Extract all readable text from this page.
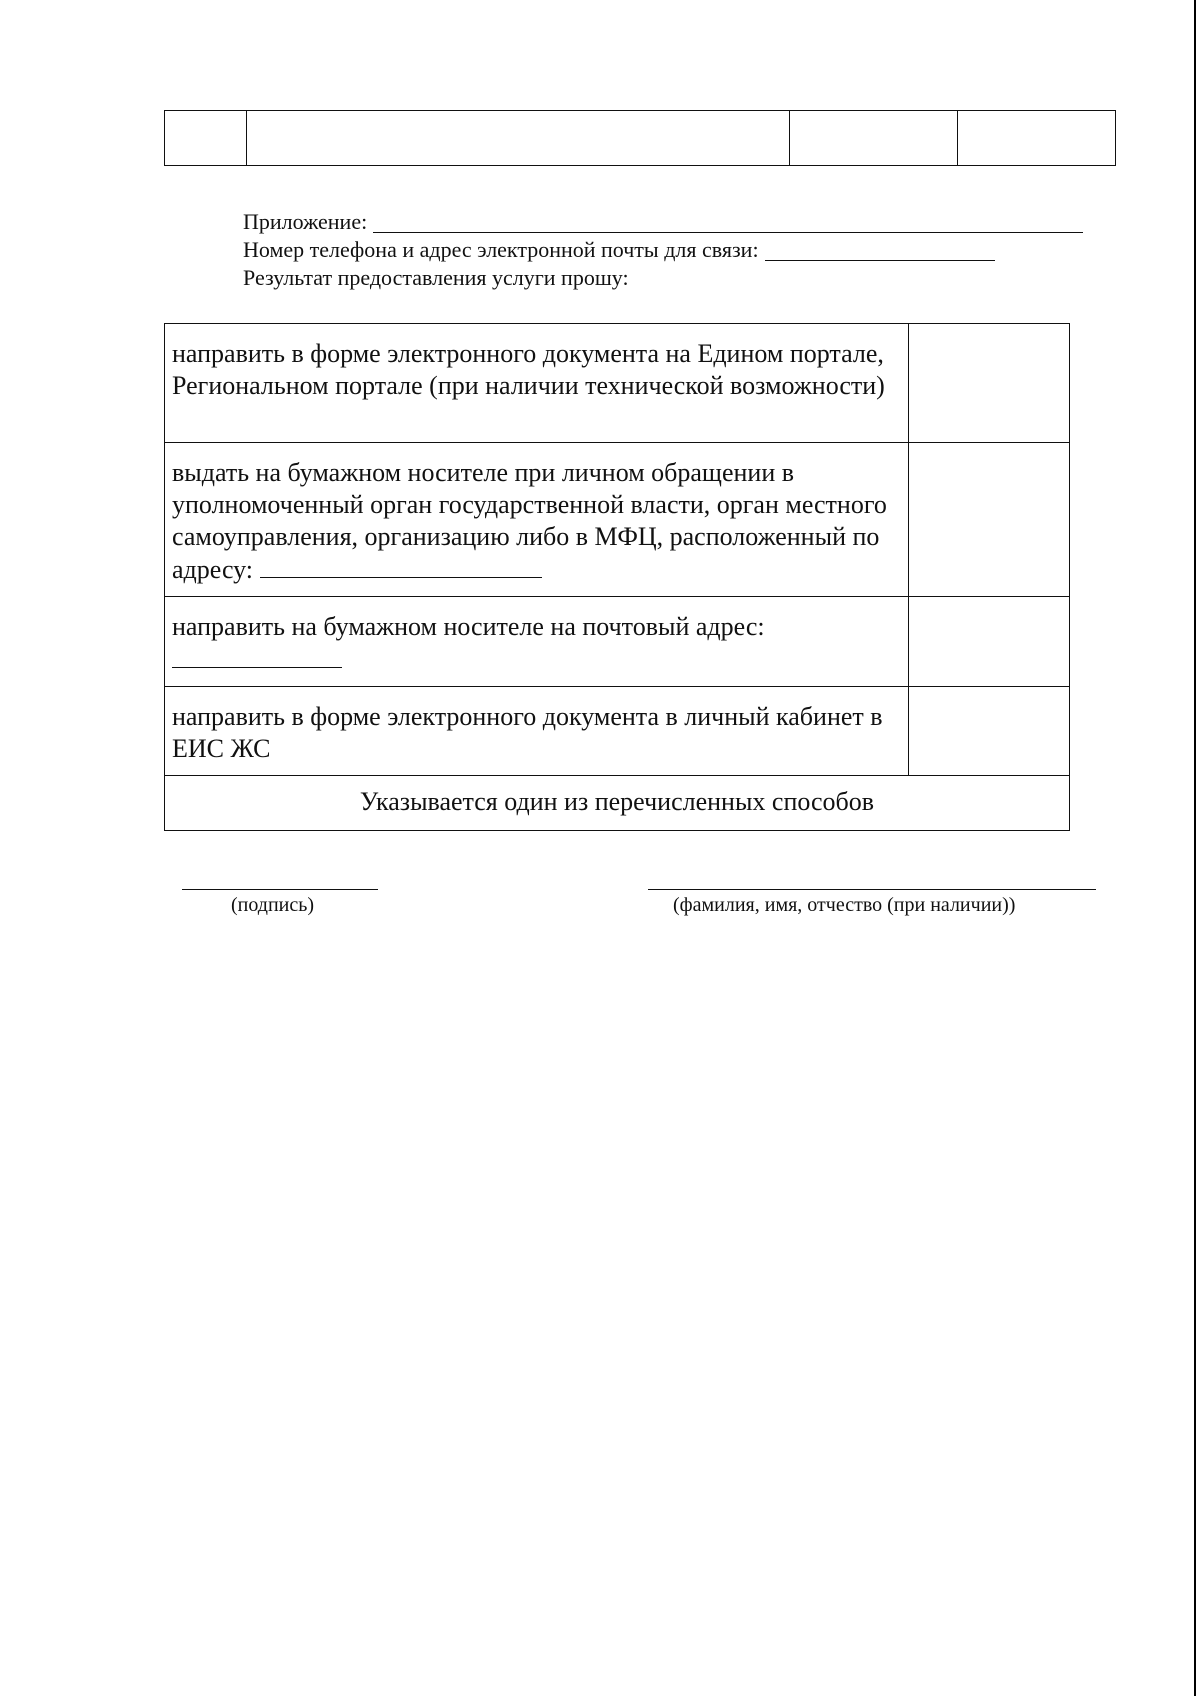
Приложение:
Номер телефона и адрес электронной почты для связи:
Результат предоставления услуги прошу:
направить в форме электронного документа на Едином портале, Региональном портале (при наличии технической возможности)	
выдать на бумажном носителе при личном обращении в уполномоченный орган государственной власти, орган местного самоуправления, организацию либо в МФЦ, расположенный по адресу:	
направить на бумажном носителе на почтовый адрес:

направить в форме электронного документа в личный кабинет в ЕИС ЖС	
Указывается один из перечисленных способов	
(подпись)	(фамилия, имя, отчество (при наличии))
